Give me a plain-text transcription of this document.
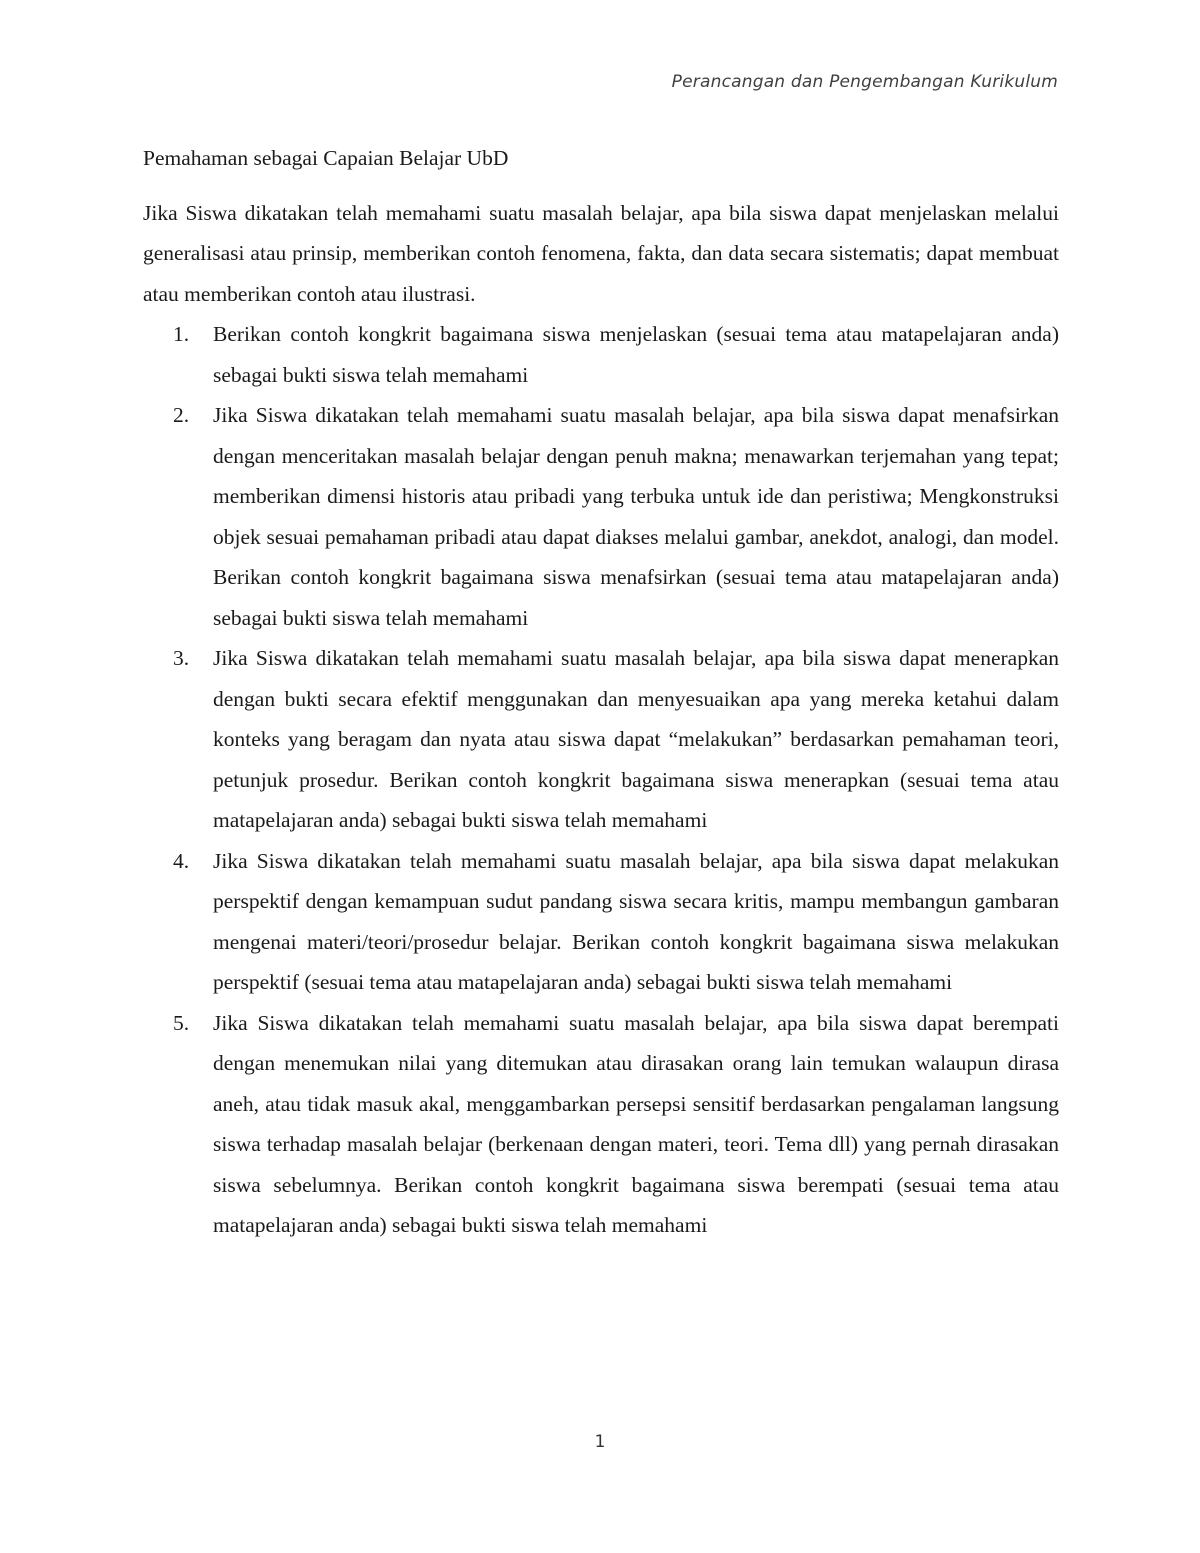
Perancangan dan Pengembangan Kurikulum
Pemahaman sebagai Capaian Belajar UbD

Jika Siswa dikatakan telah memahami suatu masalah belajar, apa bila siswa dapat menjelaskan melalui generalisasi atau prinsip, memberikan contoh fenomena, fakta, dan data secara sistematis; dapat membuat atau memberikan contoh atau ilustrasi.

1. Berikan contoh kongkrit bagaimana siswa menjelaskan (sesuai tema atau matapelajaran anda) sebagai bukti siswa telah memahami
2. Jika Siswa dikatakan telah memahami suatu masalah belajar, apa bila siswa dapat menafsirkan dengan menceritakan masalah belajar dengan penuh makna; menawarkan terjemahan yang tepat; memberikan dimensi historis atau pribadi yang terbuka untuk ide dan peristiwa; Mengkonstruksi objek sesuai pemahaman pribadi atau dapat diakses melalui gambar, anekdot, analogi, dan model. Berikan contoh kongkrit bagaimana siswa menafsirkan (sesuai tema atau matapelajaran anda) sebagai bukti siswa telah memahami
3. Jika Siswa dikatakan telah memahami suatu masalah belajar, apa bila siswa dapat menerapkan dengan bukti secara efektif menggunakan dan menyesuaikan apa yang mereka ketahui dalam konteks yang beragam dan nyata atau siswa dapat “melakukan” berdasarkan pemahaman teori, petunjuk prosedur. Berikan contoh kongkrit bagaimana siswa menerapkan (sesuai tema atau matapelajaran anda) sebagai bukti siswa telah memahami
4. Jika Siswa dikatakan telah memahami suatu masalah belajar, apa bila siswa dapat melakukan perspektif dengan kemampuan sudut pandang siswa secara kritis, mampu membangun gambaran mengenai materi/teori/prosedur belajar. Berikan contoh kongkrit bagaimana siswa melakukan perspektif (sesuai tema atau matapelajaran anda) sebagai bukti siswa telah memahami
5. Jika Siswa dikatakan telah memahami suatu masalah belajar, apa bila siswa dapat berempati dengan menemukan nilai yang ditemukan atau dirasakan orang lain temukan walaupun dirasa aneh, atau tidak masuk akal, menggambarkan persepsi sensitif berdasarkan pengalaman langsung siswa terhadap masalah belajar (berkenaan dengan materi, teori. Tema dll) yang pernah dirasakan siswa sebelumnya. Berikan contoh kongkrit bagaimana siswa berempati (sesuai tema atau matapelajaran anda) sebagai bukti siswa telah memahami
1
